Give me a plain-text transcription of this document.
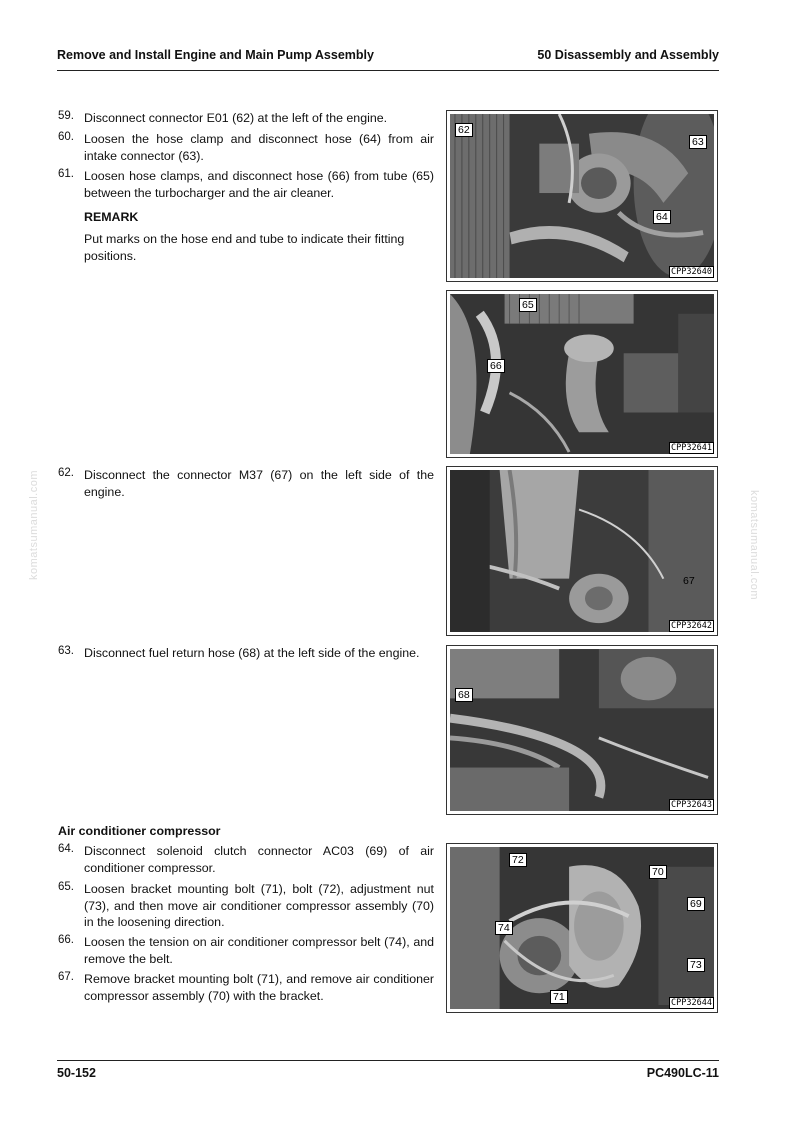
Remove and Install Engine and Main Pump Assembly	50 Disassembly and Assembly
59. Disconnect connector E01 (62) at the left of the engine.
60. Loosen the hose clamp and disconnect hose (64) from air intake connector (63).
61. Loosen hose clamps, and disconnect hose (66) from tube (65) between the turbocharger and the air cleaner.
REMARK
Put marks on the hose end and tube to indicate their fitting positions.
62. Disconnect the connector M37 (67) on the left side of the engine.
63. Disconnect fuel return hose (68) at the left side of the engine.
Air conditioner compressor
64. Disconnect solenoid clutch connector AC03 (69) of air conditioner compressor.
65. Loosen bracket mounting bolt (71), bolt (72), adjustment nut (73), and then move air conditioner compressor assembly (70) in the loosening direction.
66. Loosen the tension on air conditioner compressor belt (74), and remove the belt.
67. Remove bracket mounting bolt (71), and remove air conditioner compressor assembly (70) with the bracket.
62
63
64
CPP32640
65
66
CPP32641
67
CPP32642
68
CPP32643
72
70
69
74
73
71	CPP32644
komatsumanual.com	komatsumanual.com
50-152	PC490LC-11
